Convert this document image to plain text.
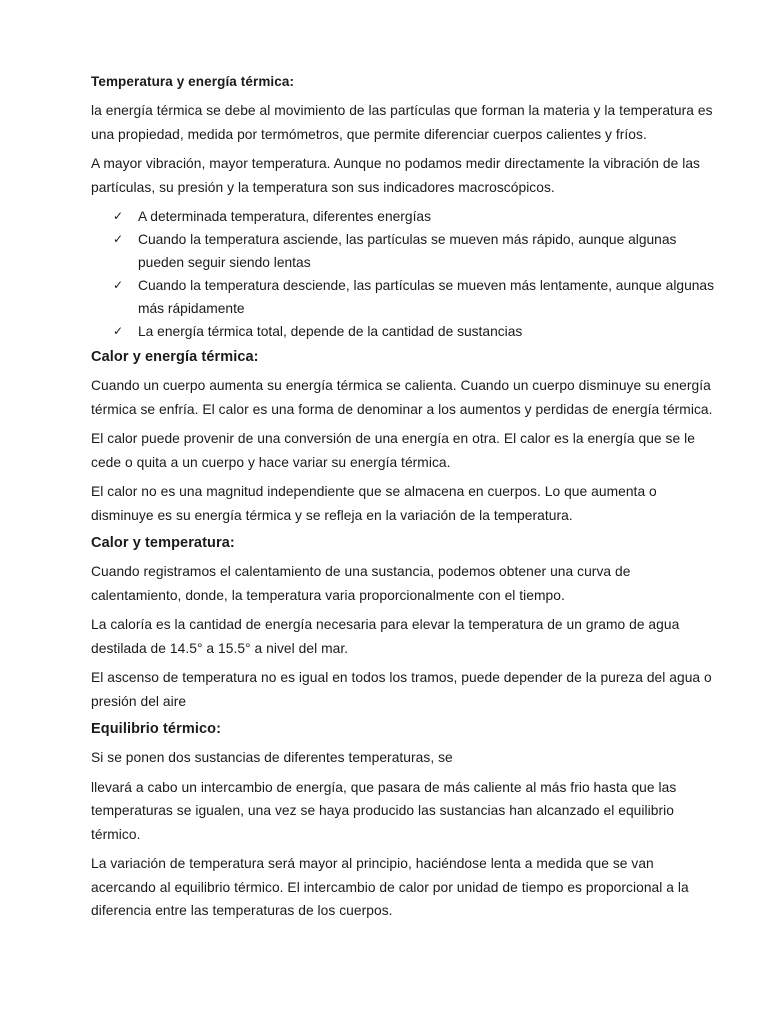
Temperatura y energía térmica:

la energía térmica se debe al movimiento de las partículas que forman la materia y la temperatura es una propiedad, medida por termómetros, que permite diferenciar cuerpos calientes y fríos.

A mayor vibración, mayor temperatura. Aunque no podamos medir directamente la vibración de las partículas, su presión y la temperatura son sus indicadores macroscópicos.

✓ A determinada temperatura, diferentes energías
✓ Cuando la temperatura asciende, las partículas se mueven más rápido, aunque algunas pueden seguir siendo lentas
✓ Cuando la temperatura desciende, las partículas se mueven más lentamente, aunque algunas más rápidamente
✓ La energía térmica total, depende de la cantidad de sustancias
Calor y energía térmica:

Cuando un cuerpo aumenta su energía térmica se calienta. Cuando un cuerpo disminuye su energía térmica se enfría. El calor es una forma de denominar a los aumentos y perdidas de energía térmica.

El calor puede provenir de una conversión de una energía en otra. El calor es la energía que se le cede o quita a un cuerpo y hace variar su energía térmica.

El calor no es una magnitud independiente que se almacena en cuerpos. Lo que aumenta o disminuye es su energía térmica y se refleja en la variación de la temperatura.

Calor y temperatura:

Cuando registramos el calentamiento de una sustancia, podemos obtener una curva de calentamiento, donde, la temperatura varia proporcionalmente con el tiempo.

La caloría es la cantidad de energía necesaria para elevar la temperatura de un gramo de agua destilada de 14.5° a 15.5° a nivel del mar.

El ascenso de temperatura no es igual en todos los tramos, puede depender de la pureza del agua o presión del aire

Equilibrio térmico:

Si se ponen dos sustancias de diferentes temperaturas, se

llevará a cabo un intercambio de energía, que pasara de más caliente al más frio hasta que las temperaturas se igualen, una vez se haya producido las sustancias han alcanzado el equilibrio térmico.

La variación de temperatura será mayor al principio, haciéndose lenta a medida que se van acercando al equilibrio térmico. El intercambio de calor por unidad de tiempo es proporcional a la diferencia entre las temperaturas de los cuerpos.
